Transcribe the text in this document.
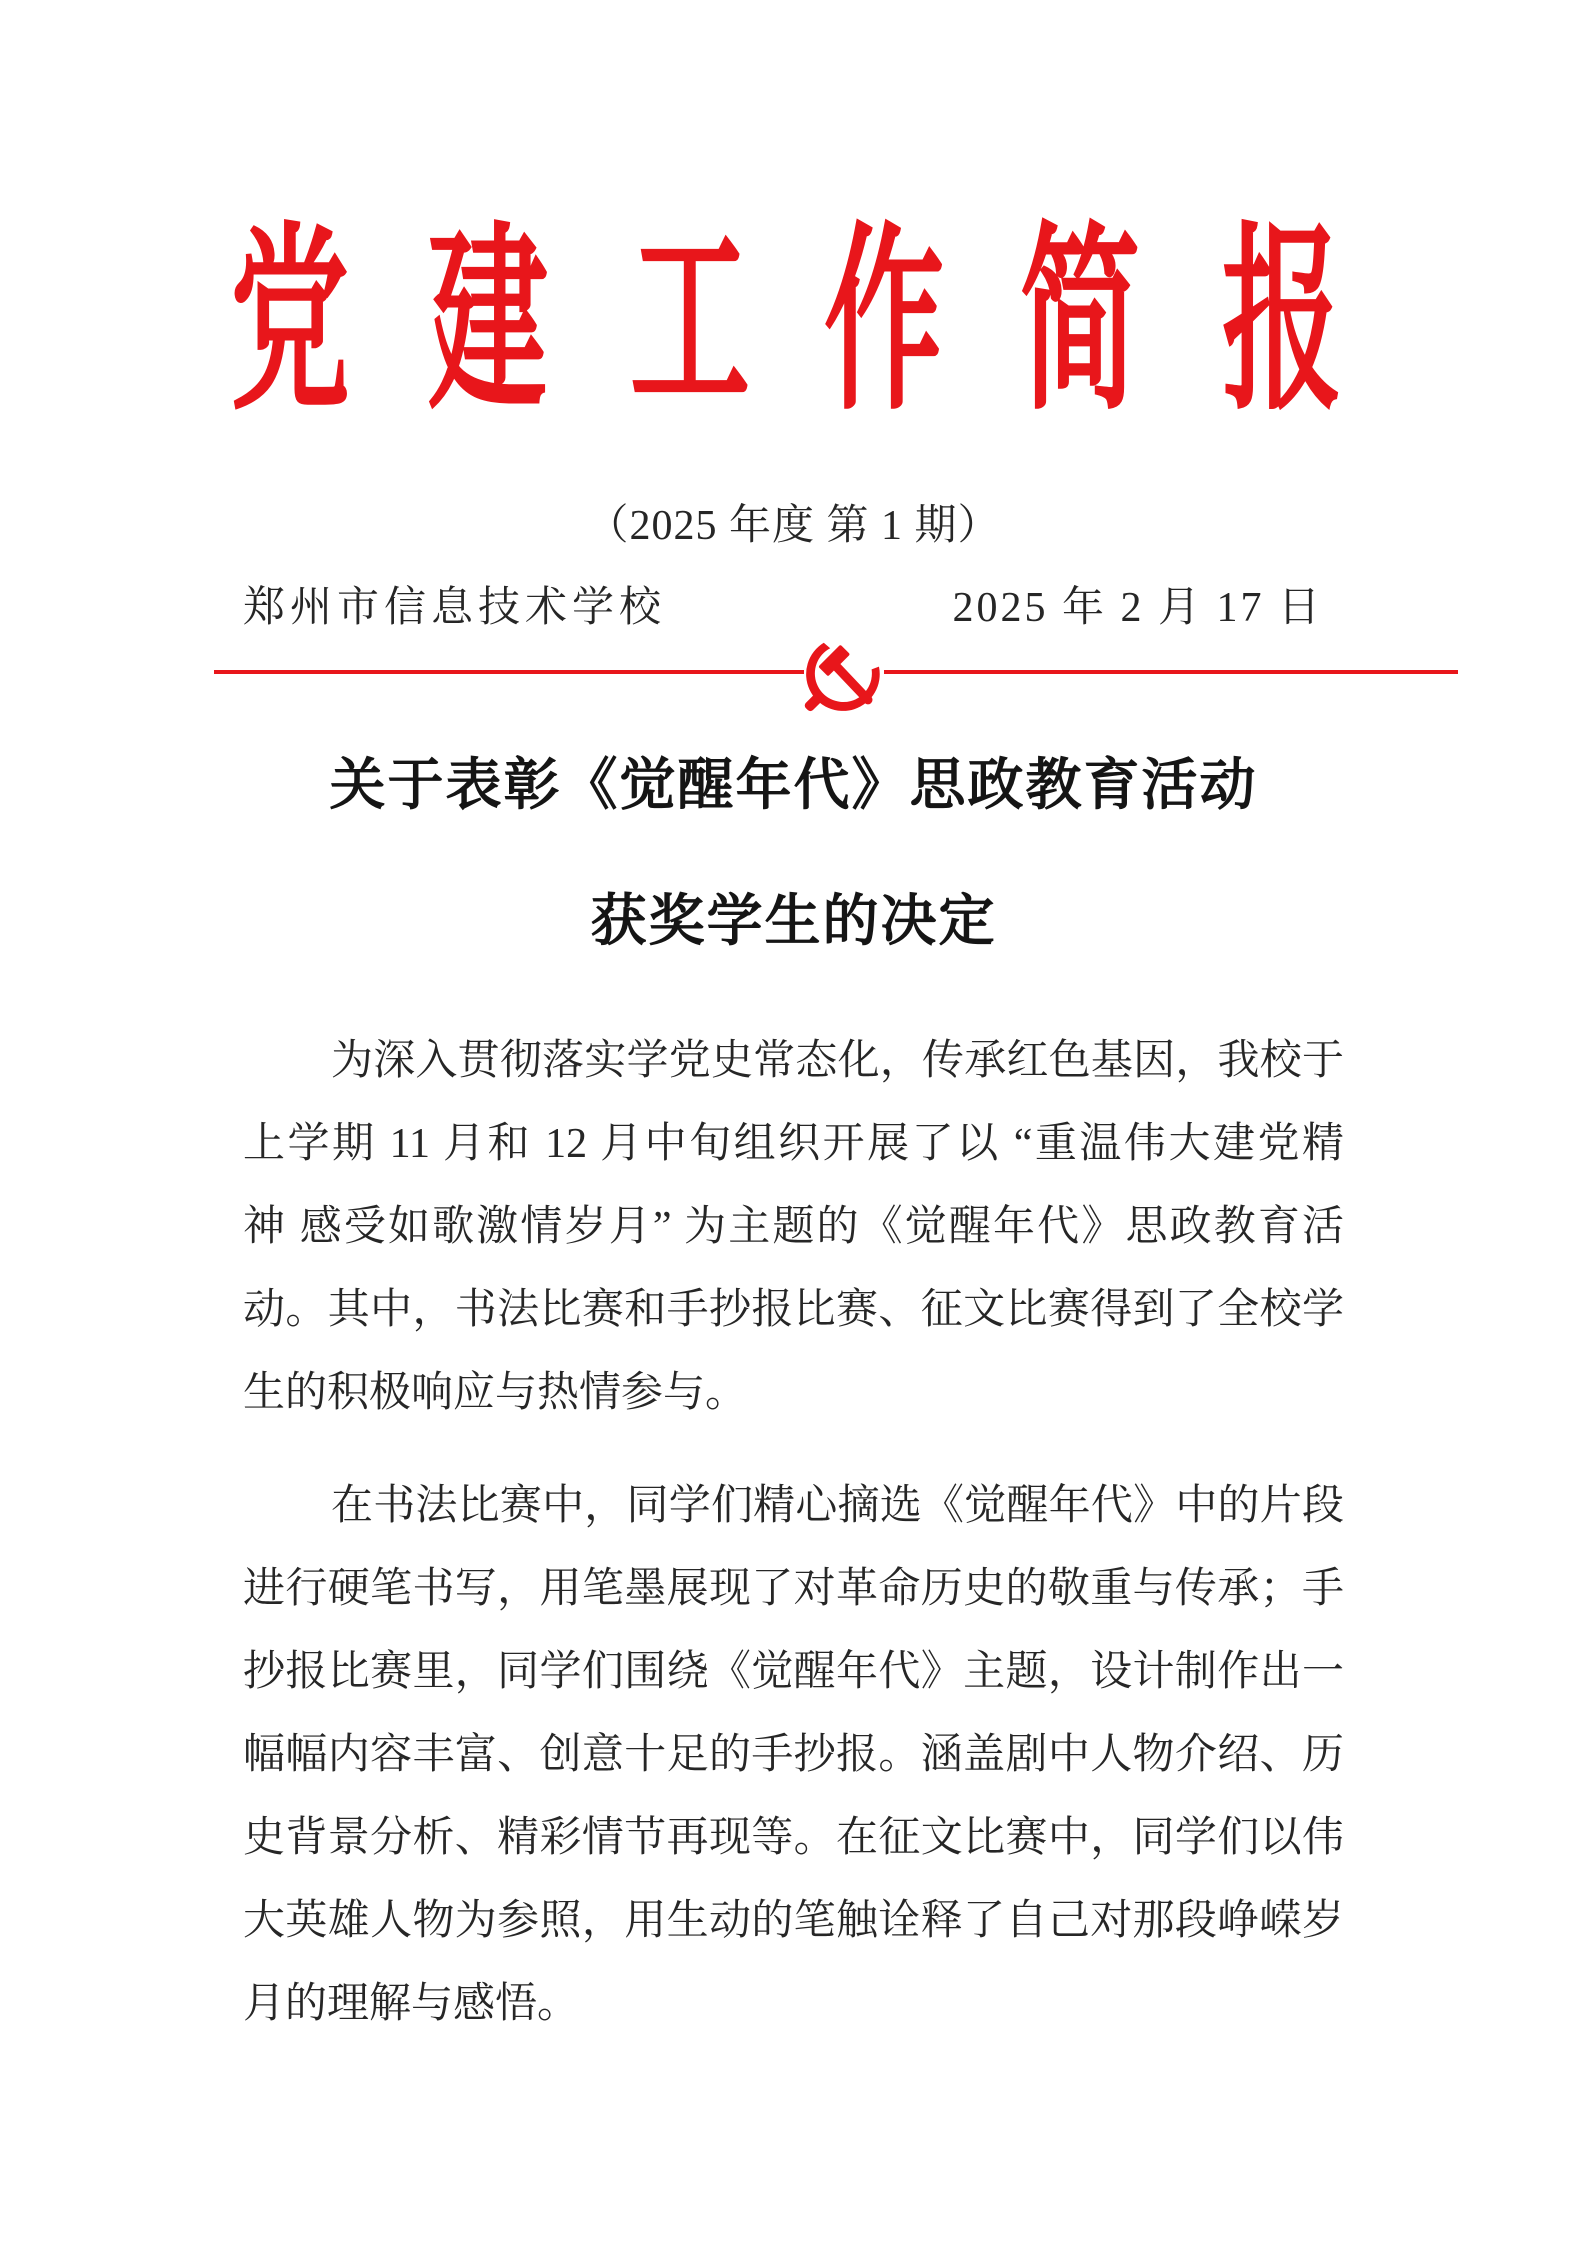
党 建 工 作 简 报
（2025 年度 第 1 期）
郑州市信息技术学校	2025 年 2 月 17 日
关于表彰《觉醒年代》思政教育活动
获奖学生的决定
为深入贯彻落实学党史常态化，传承红色基因，我校于
上学期 11 月和 12 月中旬组织开展了以 “重温伟大建党精
神 感受如歌激情岁月” 为主题的《觉醒年代》思政教育活
动。其中，书法比赛和手抄报比赛、征文比赛得到了全校学
生的积极响应与热情参与。
在书法比赛中，同学们精心摘选《觉醒年代》中的片段
进行硬笔书写，用笔墨展现了对革命历史的敬重与传承；手
抄报比赛里，同学们围绕《觉醒年代》主题，设计制作出一
幅幅内容丰富、创意十足的手抄报。涵盖剧中人物介绍、历
史背景分析、精彩情节再现等。在征文比赛中，同学们以伟
大英雄人物为参照，用生动的笔触诠释了自己对那段峥嵘岁
月的理解与感悟。
